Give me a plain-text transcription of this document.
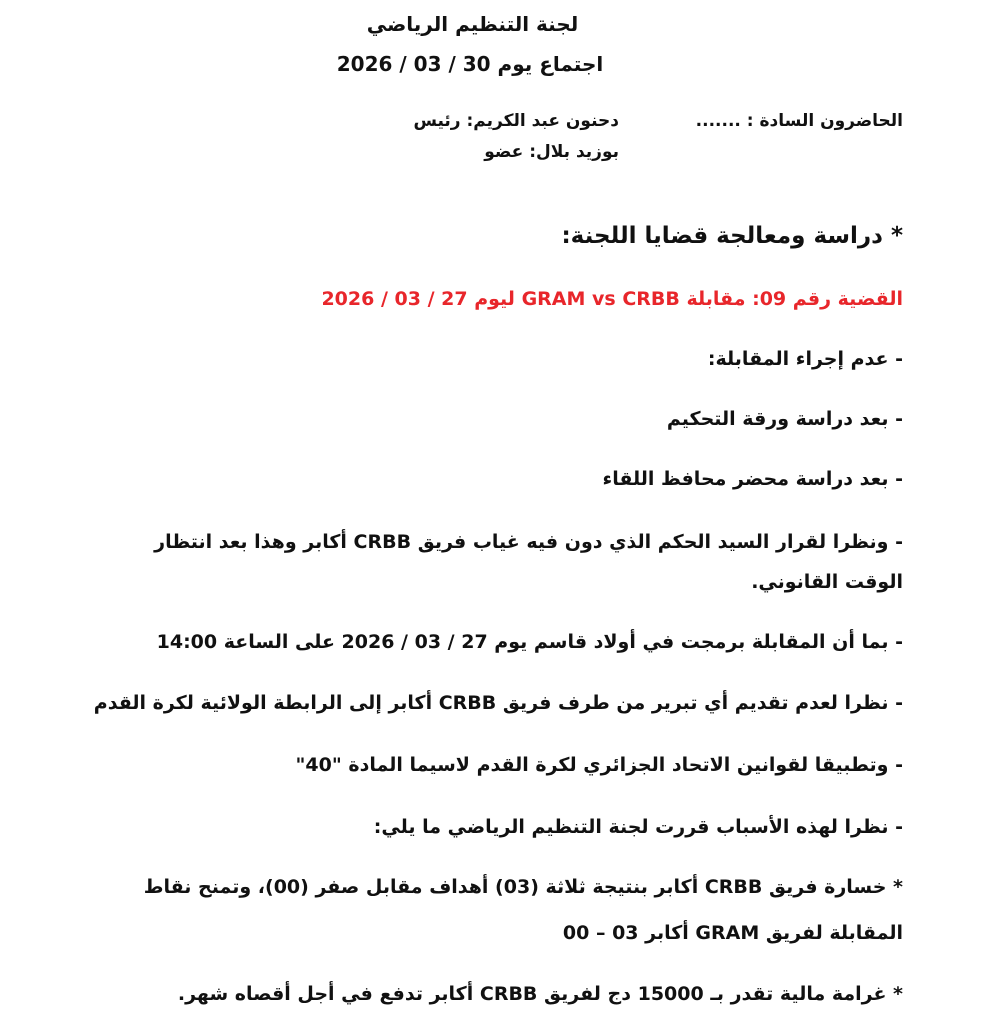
لجنة التنظيم الرياضي
اجتماع يوم 30 / 03 / 2026
الحاضرون السادة : .......
دحنون عبد الكريم: رئيس
بوزيد بلال: عضو
* دراسة ومعالجة قضايا اللجنة:
القضية رقم 09: مقابلة GRAM vs CRBB ليوم 27 / 03 / 2026
- عدم إجراء المقابلة:
- بعد دراسة ورقة التحكيم
- بعد دراسة محضر محافظ اللقاء
- ونظرا لقرار السيد الحكم الذي دون فيه غياب فريق CRBB أكابر وهذا بعد انتظار
الوقت القانوني.
- بما أن المقابلة برمجت في أولاد قاسم يوم 27 / 03 / 2026 على الساعة 14:00
- نظرا لعدم تقديم أي تبرير من طرف فريق CRBB أكابر إلى الرابطة الولائية لكرة القدم
- وتطبيقا لقوانين الاتحاد الجزائري لكرة القدم لاسيما المادة "40"
- نظرا لهذه الأسباب قررت لجنة التنظيم الرياضي ما يلي:
* خسارة فريق CRBB أكابر بنتيجة ثلاثة (03) أهداف مقابل صفر (00)، وتمنح نقاط
المقابلة لفريق GRAM أكابر 03 – 00
* غرامة مالية تقدر بـ 15000 دج لفريق CRBB أكابر تدفع في أجل أقصاه شهر.
